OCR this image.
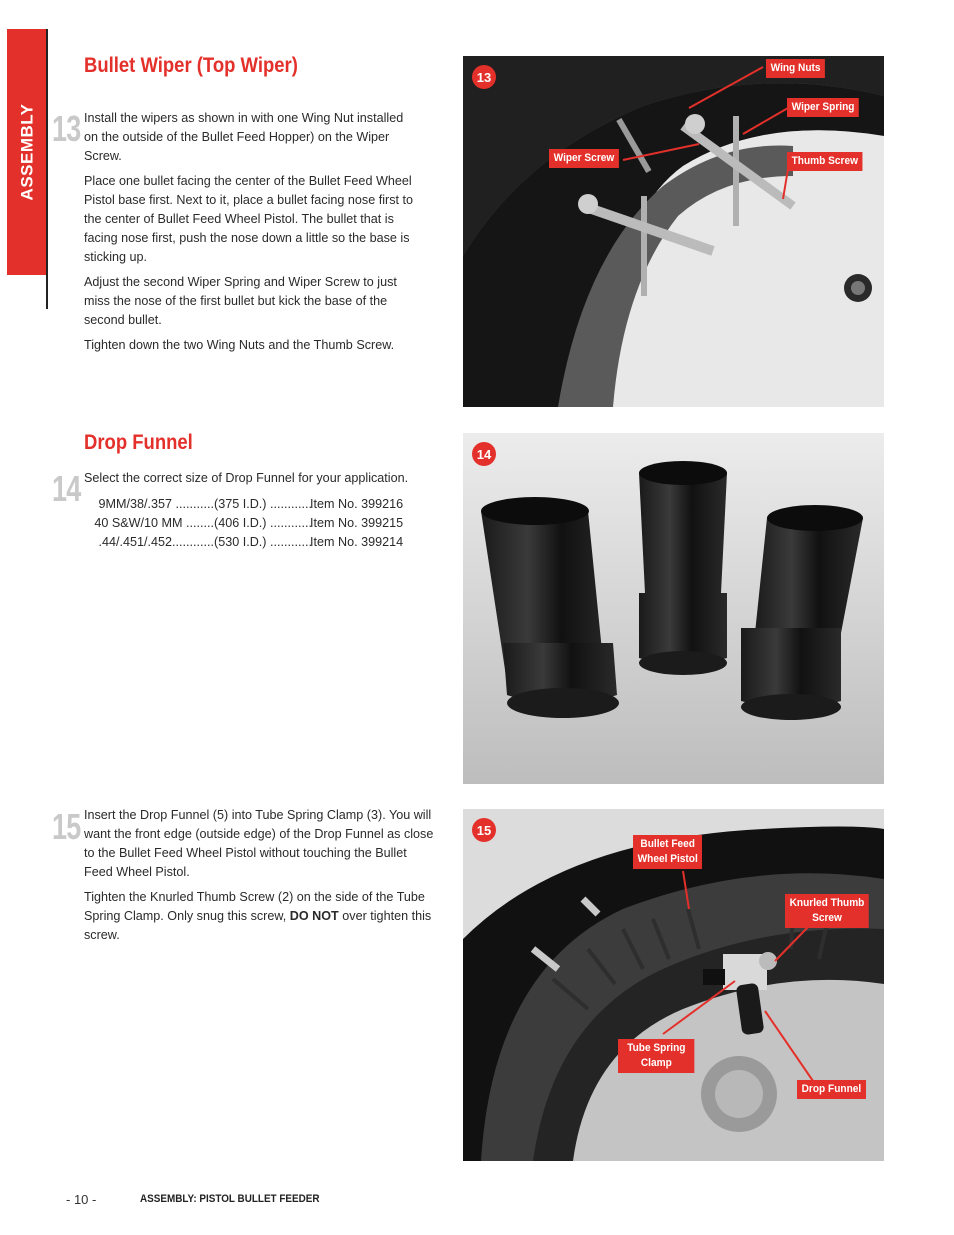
ASSEMBLY
Bullet Wiper (Top Wiper)
13 Install the wipers as shown in with one Wing Nut installed on the outside of the Bullet Feed Hopper) on the Wiper Screw.

Place one bullet facing the center of the Bullet Feed Wheel Pistol base first. Next to it, place a bullet facing nose first to the center of Bullet Feed Wheel Pistol. The bullet that is facing nose first, push the nose down a little so the base is sticking up.

Adjust the second Wiper Spring and Wiper Screw to just miss the nose of the first bullet but kick the base of the second bullet.

Tighten down the two Wing Nuts and the Thumb Screw.

13
Wing Nuts
Wiper Spring
Wiper Screw	Thumb Screw
Drop Funnel
14 Select the correct size of Drop Funnel for your application.
9MM/38/.357 ........... (375 I.D.) ............
Item No. 399216
40 S&W/10 MM ........ (406 I.D.) ............
Item No. 399215
.44/.451/.452............ (530 I.D.) ............
Item No. 399214
14
15 Insert the Drop Funnel (5) into Tube Spring Clamp (3). You will want the front edge (outside edge) of the Drop Funnel as close to the Bullet Feed Wheel Pistol without touching the Bullet Feed Wheel Pistol.

Tighten the Knurled Thumb Screw (2) on the side of the Tube Spring Clamp. Only snug this screw, DO NOT over tighten this screw.

15
Bullet Feed
Wheel Pistol
Knurled Thumb
Screw
Tube Spring
Clamp
Drop Funnel
- 10 -	ASSEMBLY: PISTOL BULLET FEEDER
